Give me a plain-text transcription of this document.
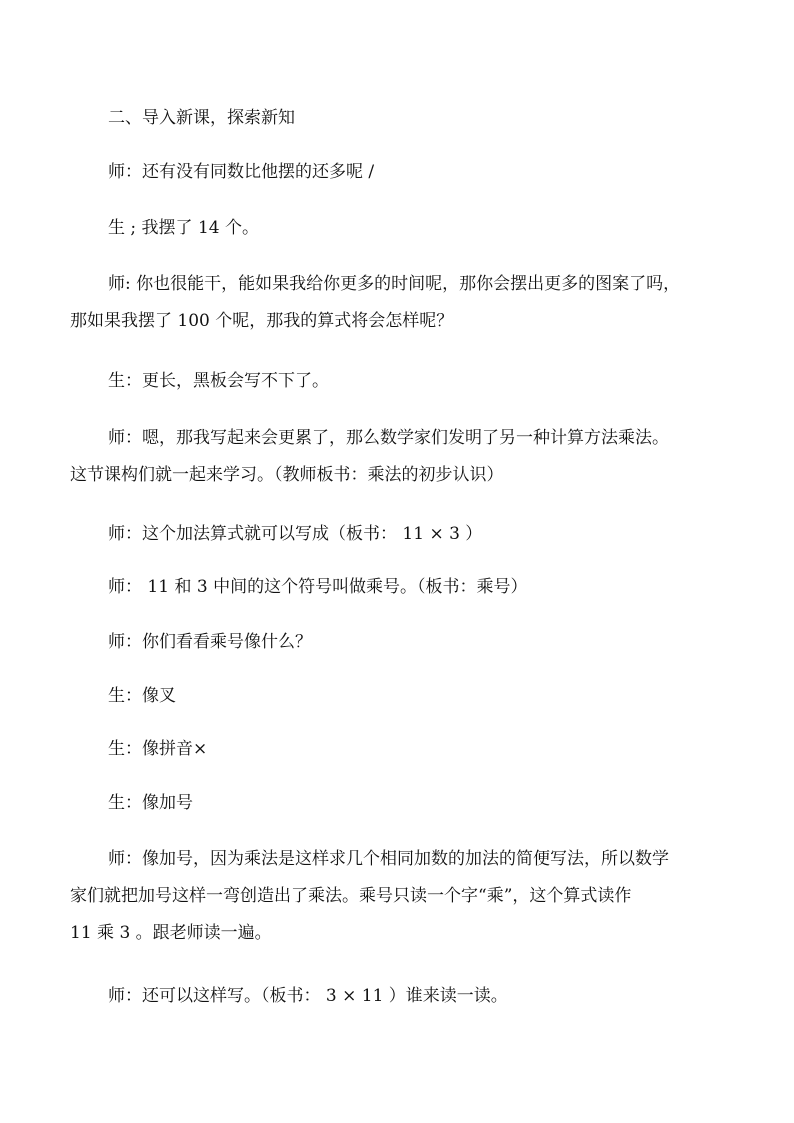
二、导入新课，探索新知

师：还有没有同数比他摆的还多呢 /

生 ; 我摆了 14 个。

师: 你也很能干，能如果我给你更多的时间呢，那你会摆出更多的图案了吗，
那如果我摆了 100 个呢，那我的算式将会怎样呢？

生：更长，黑板会写不下了。

师：嗯，那我写起来会更累了，那么数学家们发明了另一种计算方法乘法。
这节课构们就一起来学习。（教师板书：乘法的初步认识）

师：这个加法算式就可以写成（板书： 11 × 3 ）

师： 11 和 3 中间的这个符号叫做乘号。（板书：乘号）

师：你们看看乘号像什么？

生：像叉

生：像拼音×

生：像加号

师：像加号，因为乘法是这样求几个相同加数的加法的简便写法，所以数学
家们就把加号这样一弯创造出了乘法。乘号只读一个字“乘”，这个算式读作
11 乘 3 。跟老师读一遍。

师：还可以这样写。（板书： 3 × 11 ）谁来读一读。
